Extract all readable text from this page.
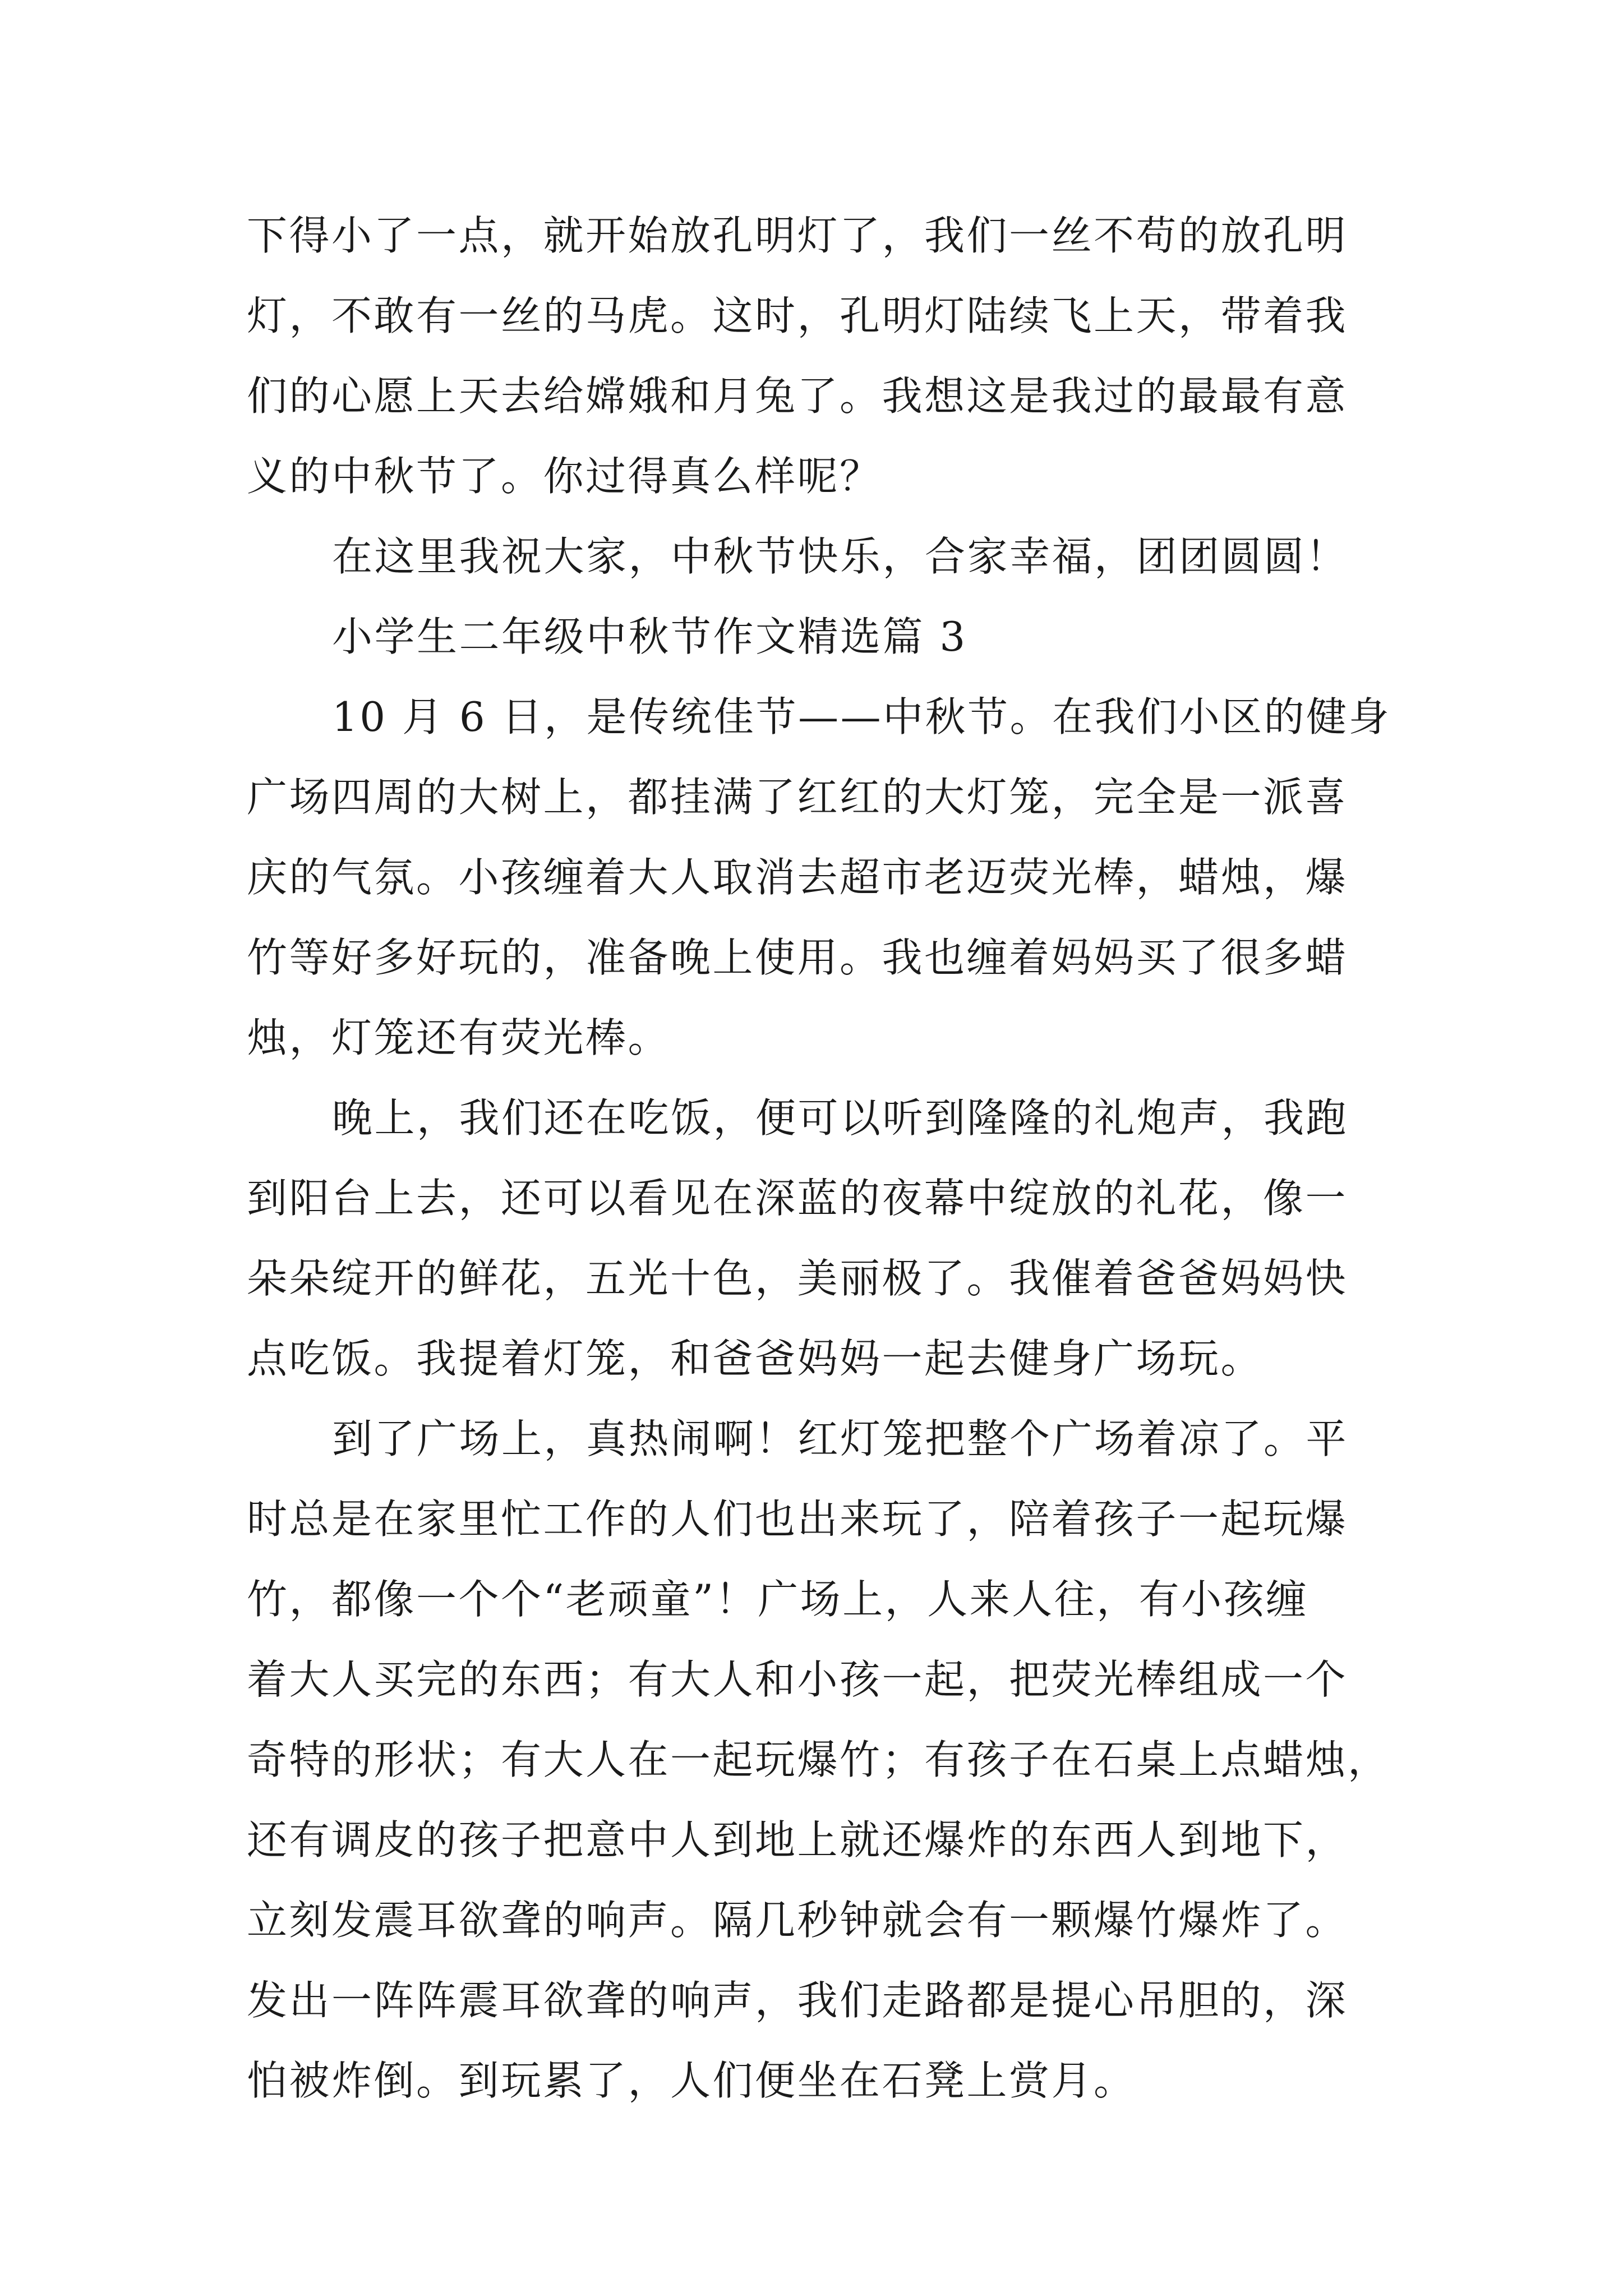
下得小了一点，就开始放孔明灯了，我们一丝不苟的放孔明
灯，不敢有一丝的马虎。这时，孔明灯陆续飞上天，带着我
们的心愿上天去给嫦娥和月兔了。我想这是我过的最最有意
义的中秋节了。你过得真么样呢？
在这里我祝大家，中秋节快乐，合家幸福，团团圆圆！
小学生二年级中秋节作文精选篇 3
10 月 6 日，是传统佳节——中秋节。在我们小区的健身
广场四周的大树上，都挂满了红红的大灯笼，完全是一派喜
庆的气氛。小孩缠着大人取消去超市老迈荧光棒，蜡烛，爆
竹等好多好玩的，准备晚上使用。我也缠着妈妈买了很多蜡
烛，灯笼还有荧光棒。
晚上，我们还在吃饭，便可以听到隆隆的礼炮声，我跑
到阳台上去，还可以看见在深蓝的夜幕中绽放的礼花，像一
朵朵绽开的鲜花，五光十色，美丽极了。我催着爸爸妈妈快
点吃饭。我提着灯笼，和爸爸妈妈一起去健身广场玩。
到了广场上，真热闹啊！红灯笼把整个广场着凉了。平
时总是在家里忙工作的人们也出来玩了，陪着孩子一起玩爆
竹，都像一个个“老顽童”！广场上，人来人往，有小孩缠
着大人买完的东西；有大人和小孩一起，把荧光棒组成一个
奇特的形状；有大人在一起玩爆竹；有孩子在石桌上点蜡烛，
还有调皮的孩子把意中人到地上就还爆炸的东西人到地下，
立刻发震耳欲聋的响声。隔几秒钟就会有一颗爆竹爆炸了。
发出一阵阵震耳欲聋的响声，我们走路都是提心吊胆的，深
怕被炸倒。到玩累了，人们便坐在石凳上赏月。
